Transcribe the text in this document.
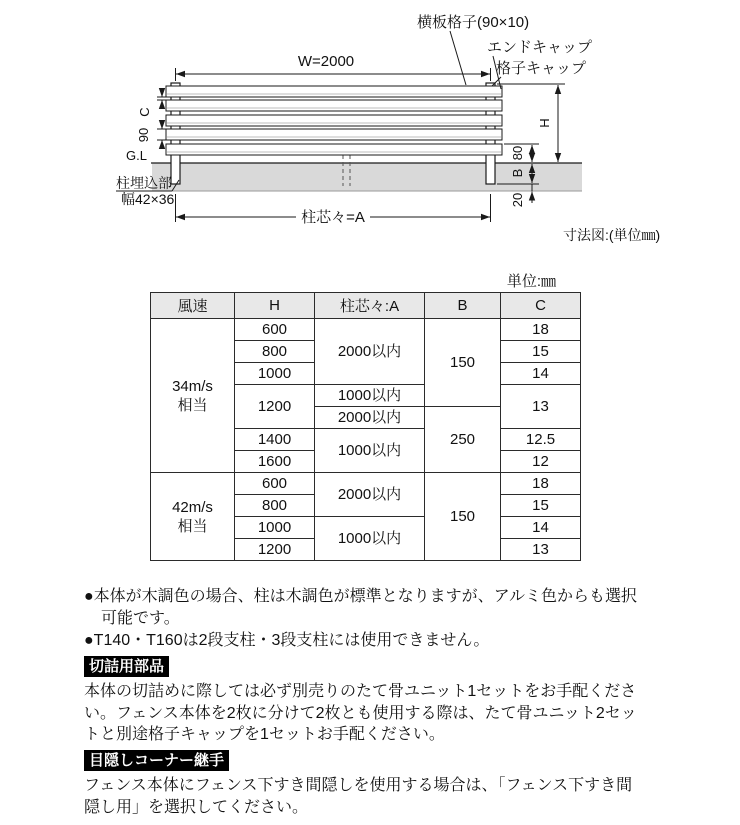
W=2000
横板格子(90×10)
エンドキャップ
格子キャップ
G.L
C
90
H
80
B
20
柱埋込部
幅42×36
柱芯々=A
寸法図:(単位㎜)
単位:㎜
風速	H	柱芯々:A	B	C
34m/s
相当	600	2000以内	150	18
	800			15
	1000			14
	1200	1000以内		13
		2000以内	250	
	1400	1000以内		12.5
	1600			12
42m/s
相当	600	2000以内	150	18
	800			15
	1000	1000以内		14
	1200			13
●本体が木調色の場合、柱は木調色が標準となりますが、アルミ色からも選択可能です。
●T140・T160は2段支柱・3段支柱には使用できません。
切詰用部品
本体の切詰めに際しては必ず別売りのたて骨ユニット1セットをお手配ください。フェンス本体を2枚に分けて2枚とも使用する際は、たて骨ユニット2セットと別途格子キャップを1セットお手配ください。
目隠しコーナー継手
フェンス本体にフェンス下すき間隠しを使用する場合は、「フェンス下すき間隠し用」を選択してください。
